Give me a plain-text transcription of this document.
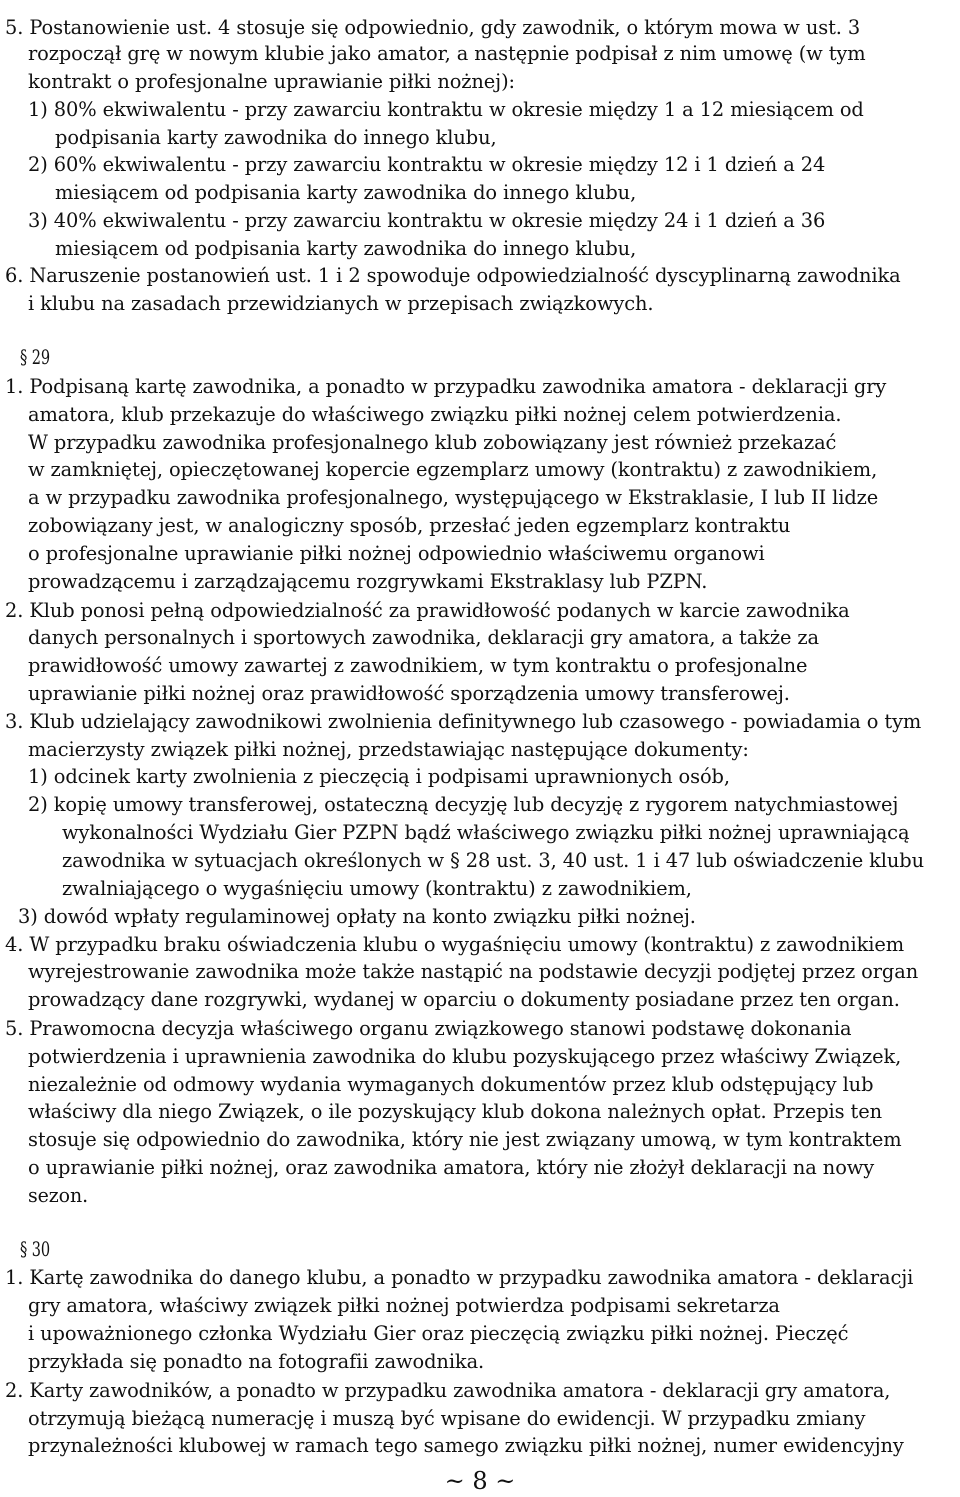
5. Postanowienie ust. 4 stosuje się odpowiednio, gdy zawodnik, o którym mowa w ust. 3
rozpoczął grę w nowym klubie jako amator, a następnie podpisał z nim umowę (w tym
kontrakt o profesjonalne uprawianie piłki nożnej):
1) 80% ekwiwalentu - przy zawarciu kontraktu w okresie między 1 a 12 miesiącem od
podpisania karty zawodnika do innego klubu,
2) 60% ekwiwalentu - przy zawarciu kontraktu w okresie między 12 i 1 dzień a 24
miesiącem od podpisania karty zawodnika do innego klubu,
3) 40% ekwiwalentu - przy zawarciu kontraktu w okresie między 24 i 1 dzień a 36
miesiącem od podpisania karty zawodnika do innego klubu,
6. Naruszenie postanowień ust. 1 i 2 spowoduje odpowiedzialność dyscyplinarną zawodnika
i klubu na zasadach przewidzianych w przepisach związkowych.
§ 29
1. Podpisaną kartę zawodnika, a ponadto w przypadku zawodnika amatora - deklaracji gry
amatora, klub przekazuje do właściwego związku piłki nożnej celem potwierdzenia.
W przypadku zawodnika profesjonalnego klub zobowiązany jest również przekazać
w zamkniętej, opieczętowanej kopercie egzemplarz umowy (kontraktu) z zawodnikiem,
a w przypadku zawodnika profesjonalnego, występującego w Ekstraklasie, I lub II lidze
zobowiązany jest, w analogiczny sposób, przesłać jeden egzemplarz kontraktu
o profesjonalne uprawianie piłki nożnej odpowiednio właściwemu organowi
prowadzącemu i zarządzającemu rozgrywkami Ekstraklasy lub PZPN.
2. Klub ponosi pełną odpowiedzialność za prawidłowość podanych w karcie zawodnika
danych personalnych i sportowych zawodnika, deklaracji gry amatora, a także za
prawidłowość umowy zawartej z zawodnikiem, w tym kontraktu o profesjonalne
uprawianie piłki nożnej oraz prawidłowość sporządzenia umowy transferowej.
3. Klub udzielający zawodnikowi zwolnienia definitywnego lub czasowego - powiadamia o tym
macierzysty związek piłki nożnej, przedstawiając następujące dokumenty:
1) odcinek karty zwolnienia z pieczęcią i podpisami uprawnionych osób,
2) kopię umowy transferowej, ostateczną decyzję lub decyzję z rygorem natychmiastowej
wykonalności Wydziału Gier PZPN bądź właściwego związku piłki nożnej uprawniającą
zawodnika w sytuacjach określonych w § 28 ust. 3, 40 ust. 1 i 47 lub oświadczenie klubu
zwalniającego o wygaśnięciu umowy (kontraktu) z zawodnikiem,
3) dowód wpłaty regulaminowej opłaty na konto związku piłki nożnej.
4. W przypadku braku oświadczenia klubu o wygaśnięciu umowy (kontraktu) z zawodnikiem
wyrejestrowanie zawodnika może także nastąpić na podstawie decyzji podjętej przez organ
prowadzący dane rozgrywki, wydanej w oparciu o dokumenty posiadane przez ten organ.
5. Prawomocna decyzja właściwego organu związkowego stanowi podstawę dokonania
potwierdzenia i uprawnienia zawodnika do klubu pozyskującego przez właściwy Związek,
niezależnie od odmowy wydania wymaganych dokumentów przez klub odstępujący lub
właściwy dla niego Związek, o ile pozyskujący klub dokona należnych opłat. Przepis ten
stosuje się odpowiednio do zawodnika, który nie jest związany umową, w tym kontraktem
o uprawianie piłki nożnej, oraz zawodnika amatora, który nie złożył deklaracji na nowy
sezon.
§ 30
1. Kartę zawodnika do danego klubu, a ponadto w przypadku zawodnika amatora - deklaracji
gry amatora, właściwy związek piłki nożnej potwierdza podpisami sekretarza
i upoważnionego członka Wydziału Gier oraz pieczęcią związku piłki nożnej. Pieczęć
przykłada się ponadto na fotografii zawodnika.
2. Karty zawodników, a ponadto w przypadku zawodnika amatora - deklaracji gry amatora,
otrzymują bieżącą numerację i muszą być wpisane do ewidencji. W przypadku zmiany
przynależności klubowej w ramach tego samego związku piłki nożnej, numer ewidencyjny
~ 8 ~
